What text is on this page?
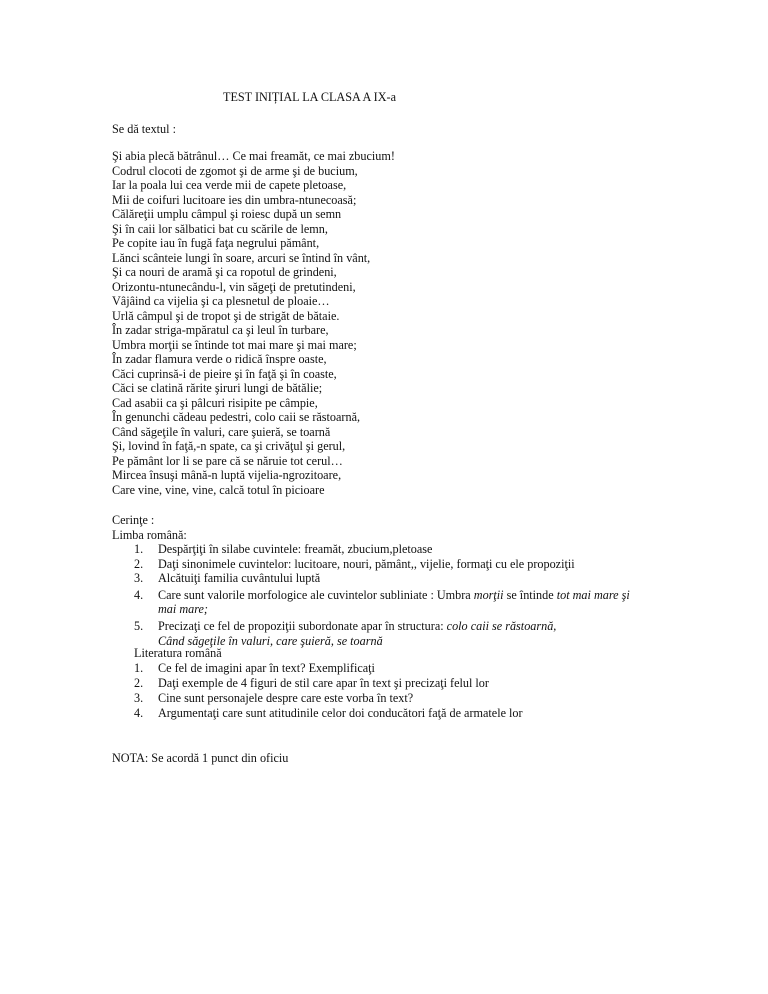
TEST INIȚIAL LA CLASA A IX-a
Se dă textul :
Şi abia plecă bătrânul… Ce mai freamăt, ce mai zbucium!
Codrul clocoti de zgomot şi de arme şi de bucium,
Iar la poala lui cea verde mii de capete pletoase,
Mii de coifuri lucitoare ies din umbra-ntunecoasă;
Călăreţii umplu câmpul şi roiesc după un semn
Şi în caii lor sălbatici bat cu scările de lemn,
Pe copite iau în fugă faţa negrului pământ,
Lănci scânteie lungi în soare, arcuri se întind în vânt,
Şi ca nouri de aramă şi ca ropotul de grindeni,
Orizontu-ntunecându-l, vin săgeţi de pretutindeni,
Vâjâind ca vijelia şi ca plesnetul de ploaie…
Urlă câmpul şi de tropot şi de strigăt de bătaie.
În zadar striga-mpăratul ca şi leul în turbare,
Umbra morţii se întinde tot mai mare şi mai mare;
În zadar flamura verde o ridică înspre oaste,
Căci cuprinsă-i de pieire şi în faţă şi în coaste,
Căci se clatină rărite şiruri lungi de bătălie;
Cad asabii ca şi pâlcuri risipite pe câmpie,
În genunchi cădeau pedestri, colo caii se răstoarnă,
Când săgeţile în valuri, care şuieră, se toarnă
Şi, lovind în faţă,-n spate, ca şi crivăţul şi gerul,
Pe pământ lor li se pare că se năruie tot cerul…
Mircea însuşi mână-n luptă vijelia-ngrozitoare,
Care vine, vine, vine, calcă totul în picioare
Cerinţe :
Limba română:
1. Despărţiţi în silabe cuvintele: freamăt, zbucium,pletoase
2. Daţi sinonimele cuvintelor: lucitoare, nouri, pământ,, vijelie, formaţi cu ele propoziţii
3. Alcătuiţi familia cuvântului luptă
4. Care sunt valorile morfologice ale cuvintelor subliniate : Umbra morţii se întinde tot mai mare şi
mai mare;
5. Precizaţi ce fel de propoziţii subordonate apar în structura: colo caii se răstoarnă,
Când săgeţile în valuri, care şuieră, se toarnă
Literatura română
1. Ce fel de imagini apar în text? Exemplificaţi
2. Daţi exemple de 4 figuri de stil care apar în text şi precizaţi felul lor
3. Cine sunt personajele despre care este vorba în text?
4. Argumentaţi care sunt atitudinile celor doi conducători faţă de armatele lor
NOTA: Se acordă 1 punct din oficiu
